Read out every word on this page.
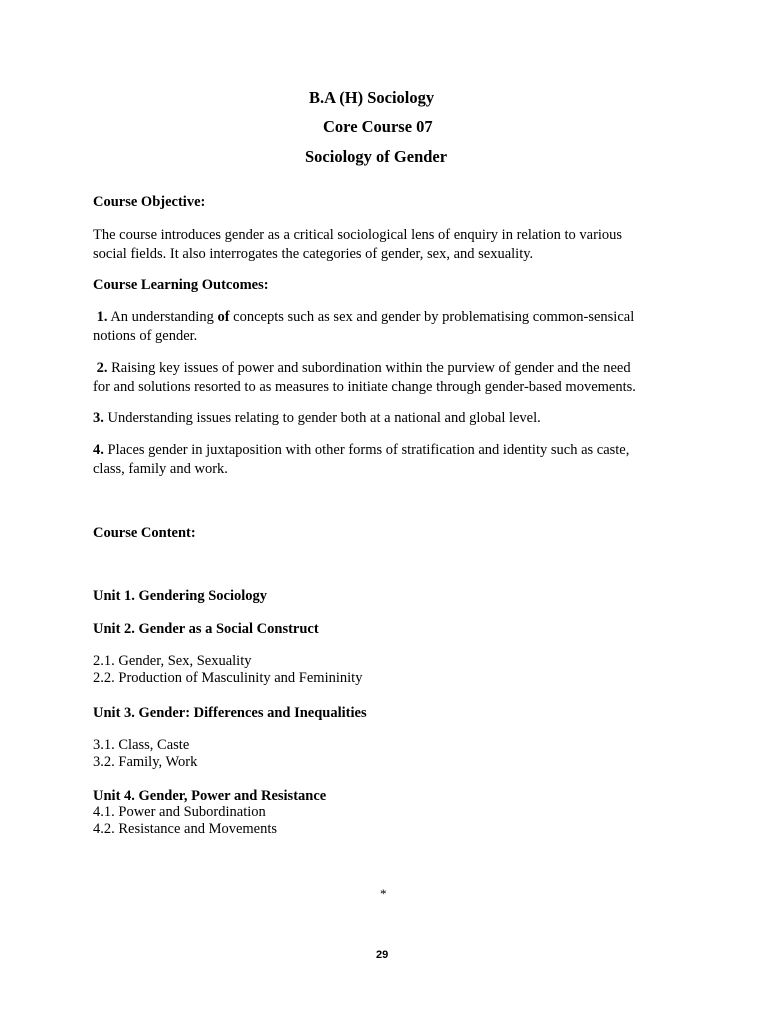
B.A (H) Sociology
Core Course 07
Sociology of Gender
Course Objective:
The course introduces gender as a critical sociological lens of enquiry in relation to various
social fields. It also interrogates the categories of gender, sex, and sexuality.
Course Learning Outcomes:
1. An understanding of concepts such as sex and gender by problematising common-sensical
notions of gender.
2. Raising key issues of power and subordination within the purview of gender and the need
for and solutions resorted to as measures to initiate change through gender-based movements.
3. Understanding issues relating to gender both at a national and global level.
4. Places gender in juxtaposition with other forms of stratification and identity such as caste,
class, family and work.
Course Content:
Unit 1. Gendering Sociology
Unit 2. Gender as a Social Construct
2.1. Gender, Sex, Sexuality
2.2. Production of Masculinity and Femininity
Unit 3. Gender: Differences and Inequalities
3.1. Class, Caste
3.2. Family, Work
Unit 4. Gender, Power and Resistance
4.1. Power and Subordination
4.2. Resistance and Movements
*
29
